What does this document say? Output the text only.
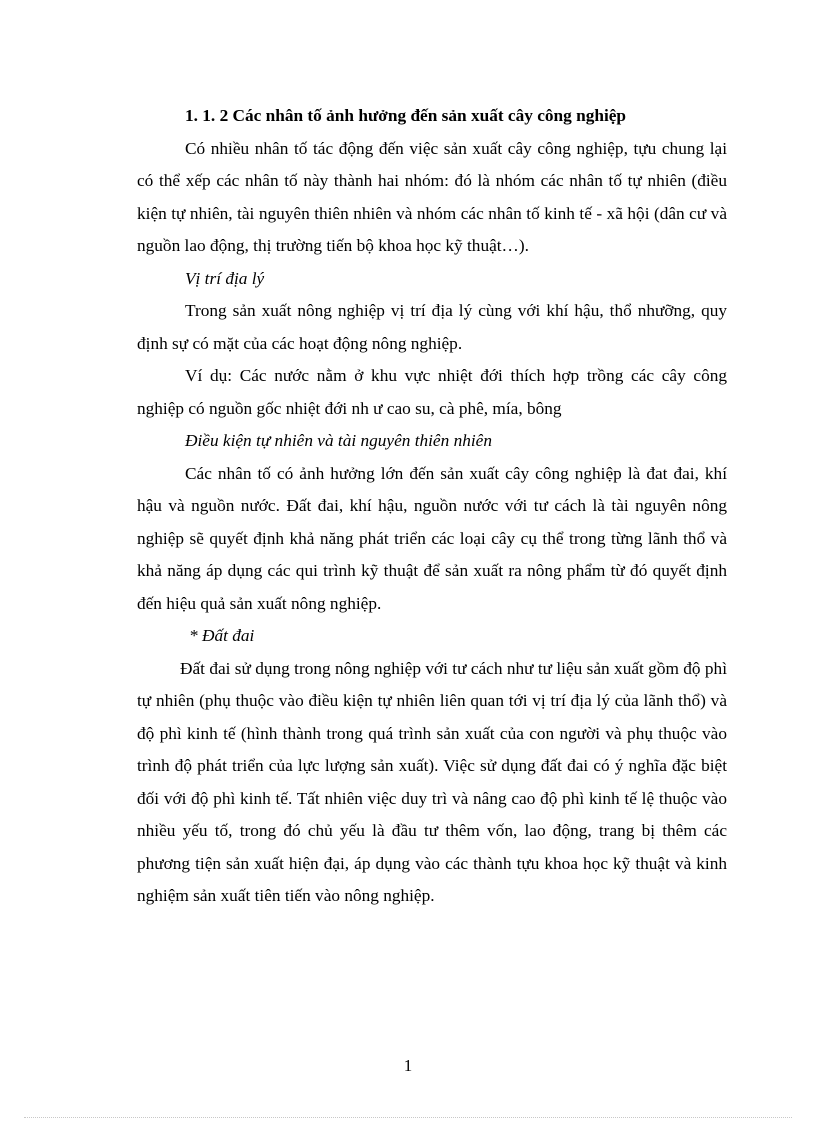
1. 1. 2 Các nhân tố ảnh hưởng đến sản xuất cây công nghiệp

Có nhiều nhân tố tác động đến việc sản xuất cây công nghiệp, tựu chung lại có thể xếp các nhân tố này thành hai nhóm: đó là nhóm các nhân tố tự nhiên (điều kiện tự nhiên, tài nguyên thiên nhiên và nhóm các nhân tố kinh tế - xã hội (dân cư và nguồn lao động, thị trường tiến bộ khoa học kỹ thuật…).

Vị trí địa lý

Trong sản xuất nông nghiệp vị trí địa lý cùng với khí hậu, thổ nhưỡng, quy định sự có mặt của các hoạt động nông nghiệp.

Ví dụ: Các nước nằm ở khu vực nhiệt đới thích hợp trồng các cây công nghiệp có nguồn gốc nhiệt đới nh ư cao su, cà phê, mía, bông

Điều kiện tự nhiên và tài nguyên thiên nhiên

Các nhân tố có ảnh hưởng lớn đến sản xuất cây công nghiệp là đat đai, khí hậu và nguồn nước. Đất đai, khí hậu, nguồn nước với tư cách là tài nguyên nông nghiệp sẽ quyết định khả năng phát triển các loại cây cụ thể trong từng lãnh thổ và khả năng áp dụng các qui trình kỹ thuật để sản xuất ra nông phẩm từ đó quyết định đến hiệu quả sản xuất nông nghiệp.

* Đất đai

Đất đai sử dụng trong nông nghiệp với tư cách như tư liệu sản xuất gồm độ phì tự nhiên (phụ thuộc vào điều kiện tự nhiên liên quan tới vị trí địa lý của lãnh thổ) và độ phì kinh tế (hình thành trong quá trình sản xuất của con người và phụ thuộc vào trình độ phát triển của lực lượng sản xuất). Việc sử dụng đất đai có ý nghĩa đặc biệt đối với độ phì kinh tế. Tất nhiên việc duy trì và nâng cao độ phì kinh tế lệ thuộc vào nhiều yếu tố, trong đó chủ yếu là đầu tư thêm vốn, lao động, trang bị thêm các phương tiện sản xuất hiện đại, áp dụng vào các thành tựu khoa học kỹ thuật và kinh nghiệm sản xuất tiên tiến vào nông nghiệp.

1
